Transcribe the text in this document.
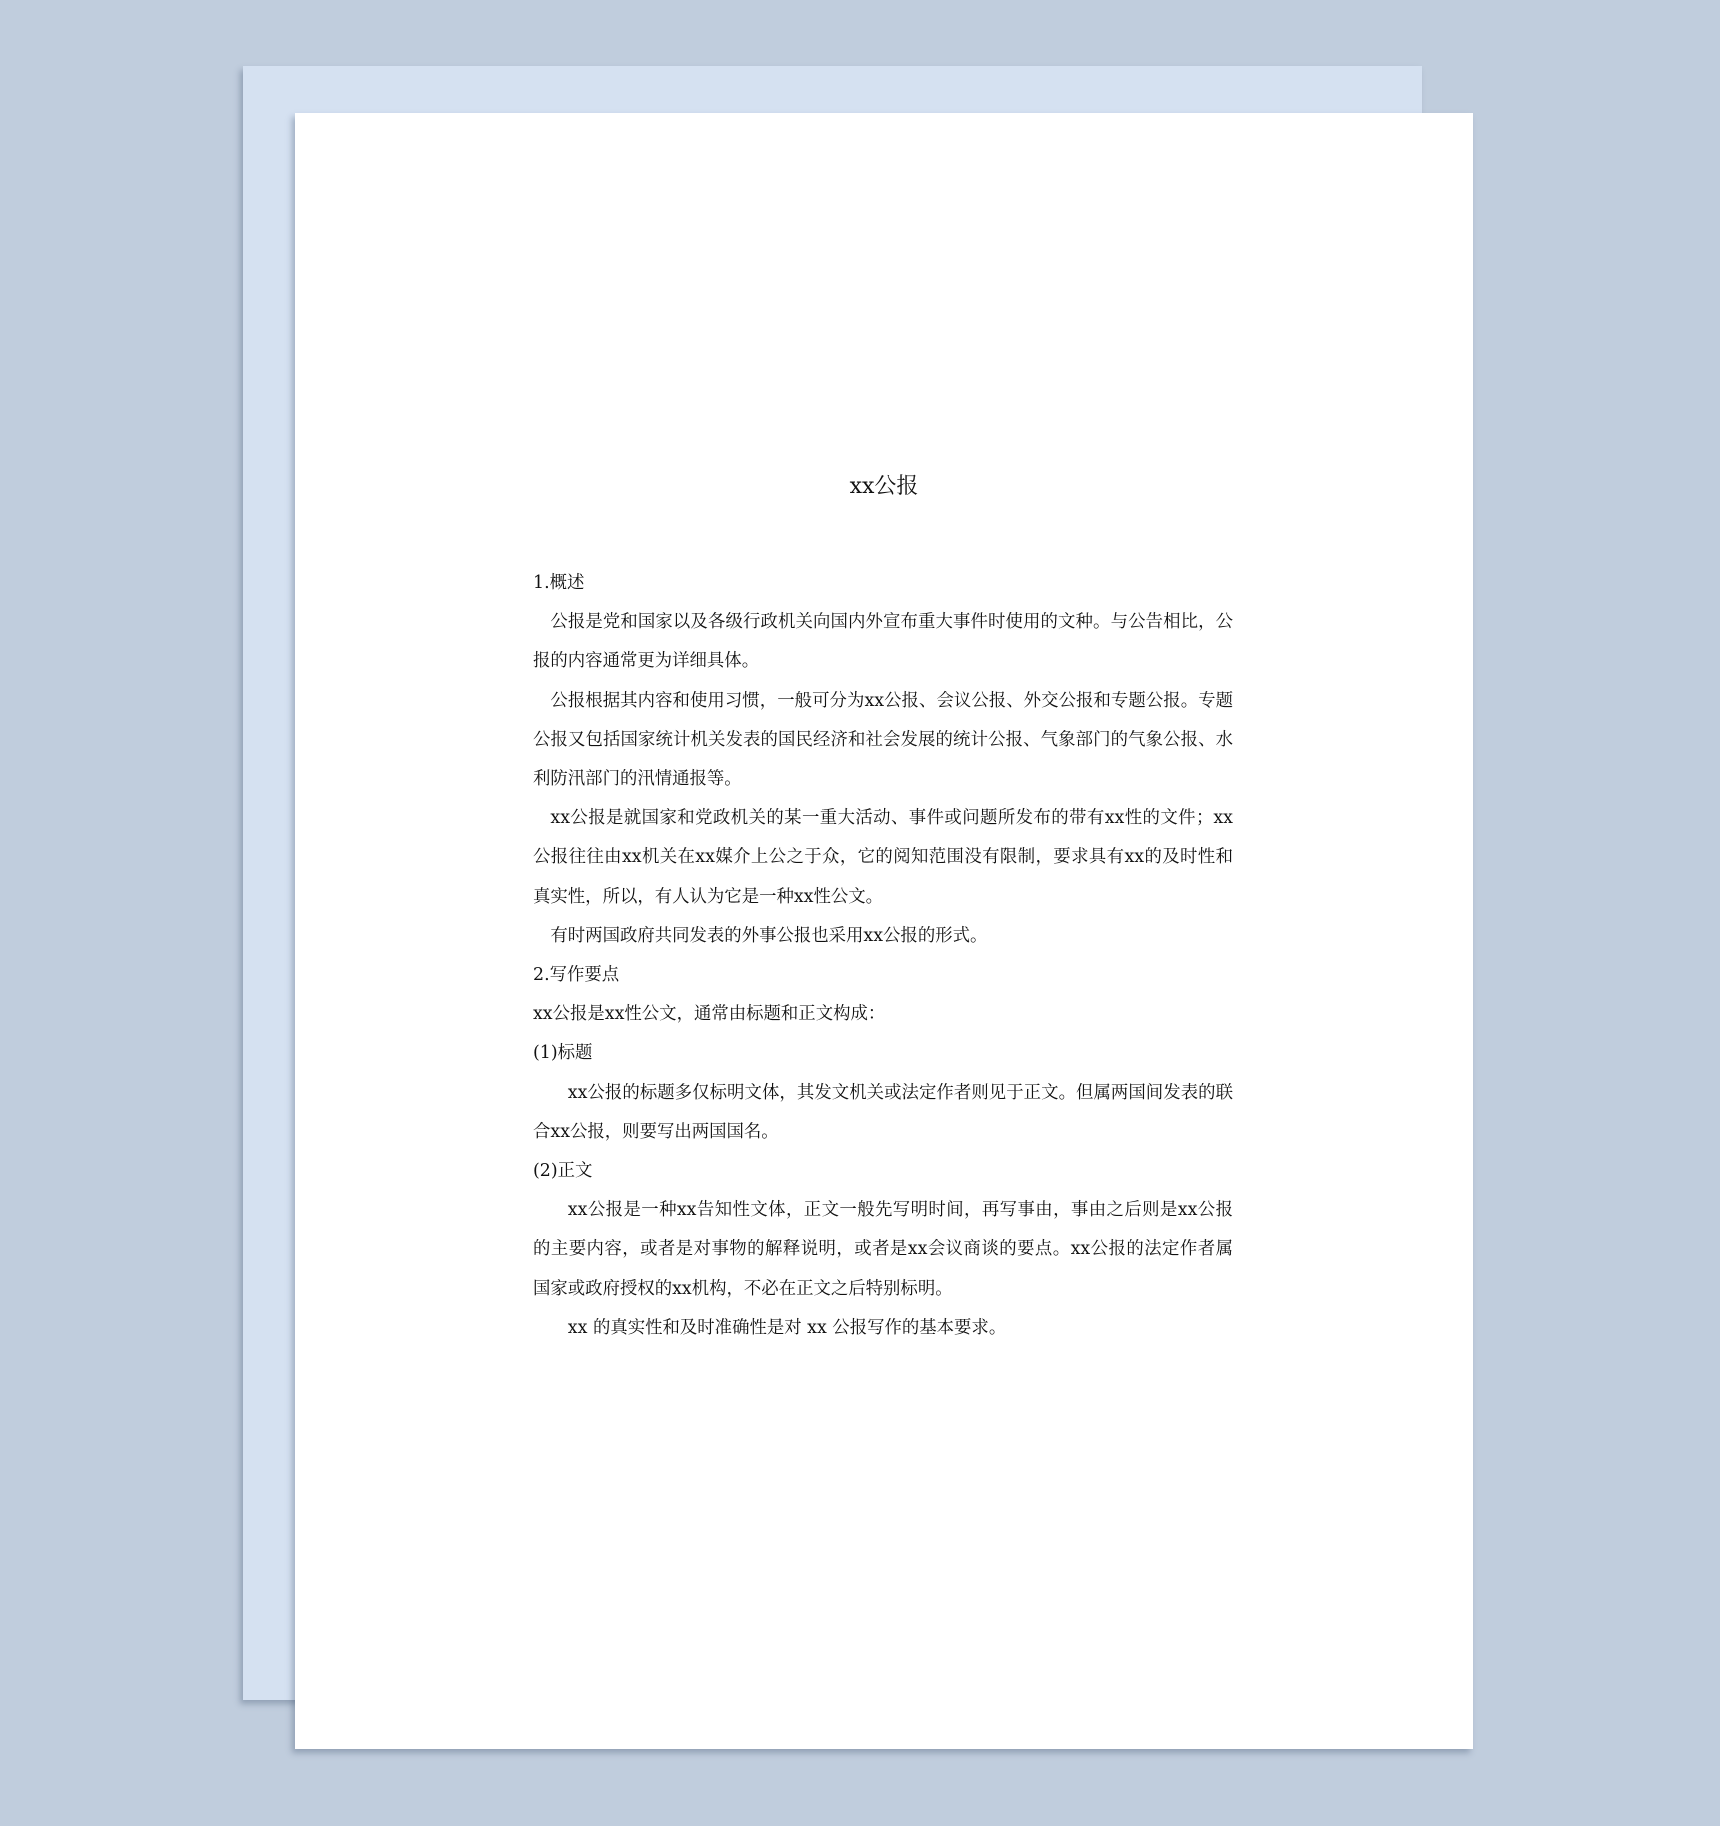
xx公报

1.概述

公报是党和国家以及各级行政机关向国内外宣布重大事件时使用的文种。与公告相比，公报的内容通常更为详细具体。

公报根据其内容和使用习惯，一般可分为xx公报、会议公报、外交公报和专题公报。专题公报又包括国家统计机关发表的国民经济和社会发展的统计公报、气象部门的气象公报、水利防汛部门的汛情通报等。

xx公报是就国家和党政机关的某一重大活动、事件或问题所发布的带有xx性的文件；xx公报往往由xx机关在xx媒介上公之于众，它的阅知范围没有限制，要求具有xx的及时性和真实性，所以，有人认为它是一种xx性公文。

有时两国政府共同发表的外事公报也采用xx公报的形式。

2.写作要点

xx公报是xx性公文，通常由标题和正文构成：

(1)标题

xx公报的标题多仅标明文体，其发文机关或法定作者则见于正文。但属两国间发表的联合xx公报，则要写出两国国名。

(2)正文

xx公报是一种xx告知性文体，正文一般先写明时间，再写事由，事由之后则是xx公报的主要内容，或者是对事物的解释说明，或者是xx会议商谈的要点。xx公报的法定作者属国家或政府授权的xx机构，不必在正文之后特别标明。

xx 的真实性和及时准确性是对 xx 公报写作的基本要求。
